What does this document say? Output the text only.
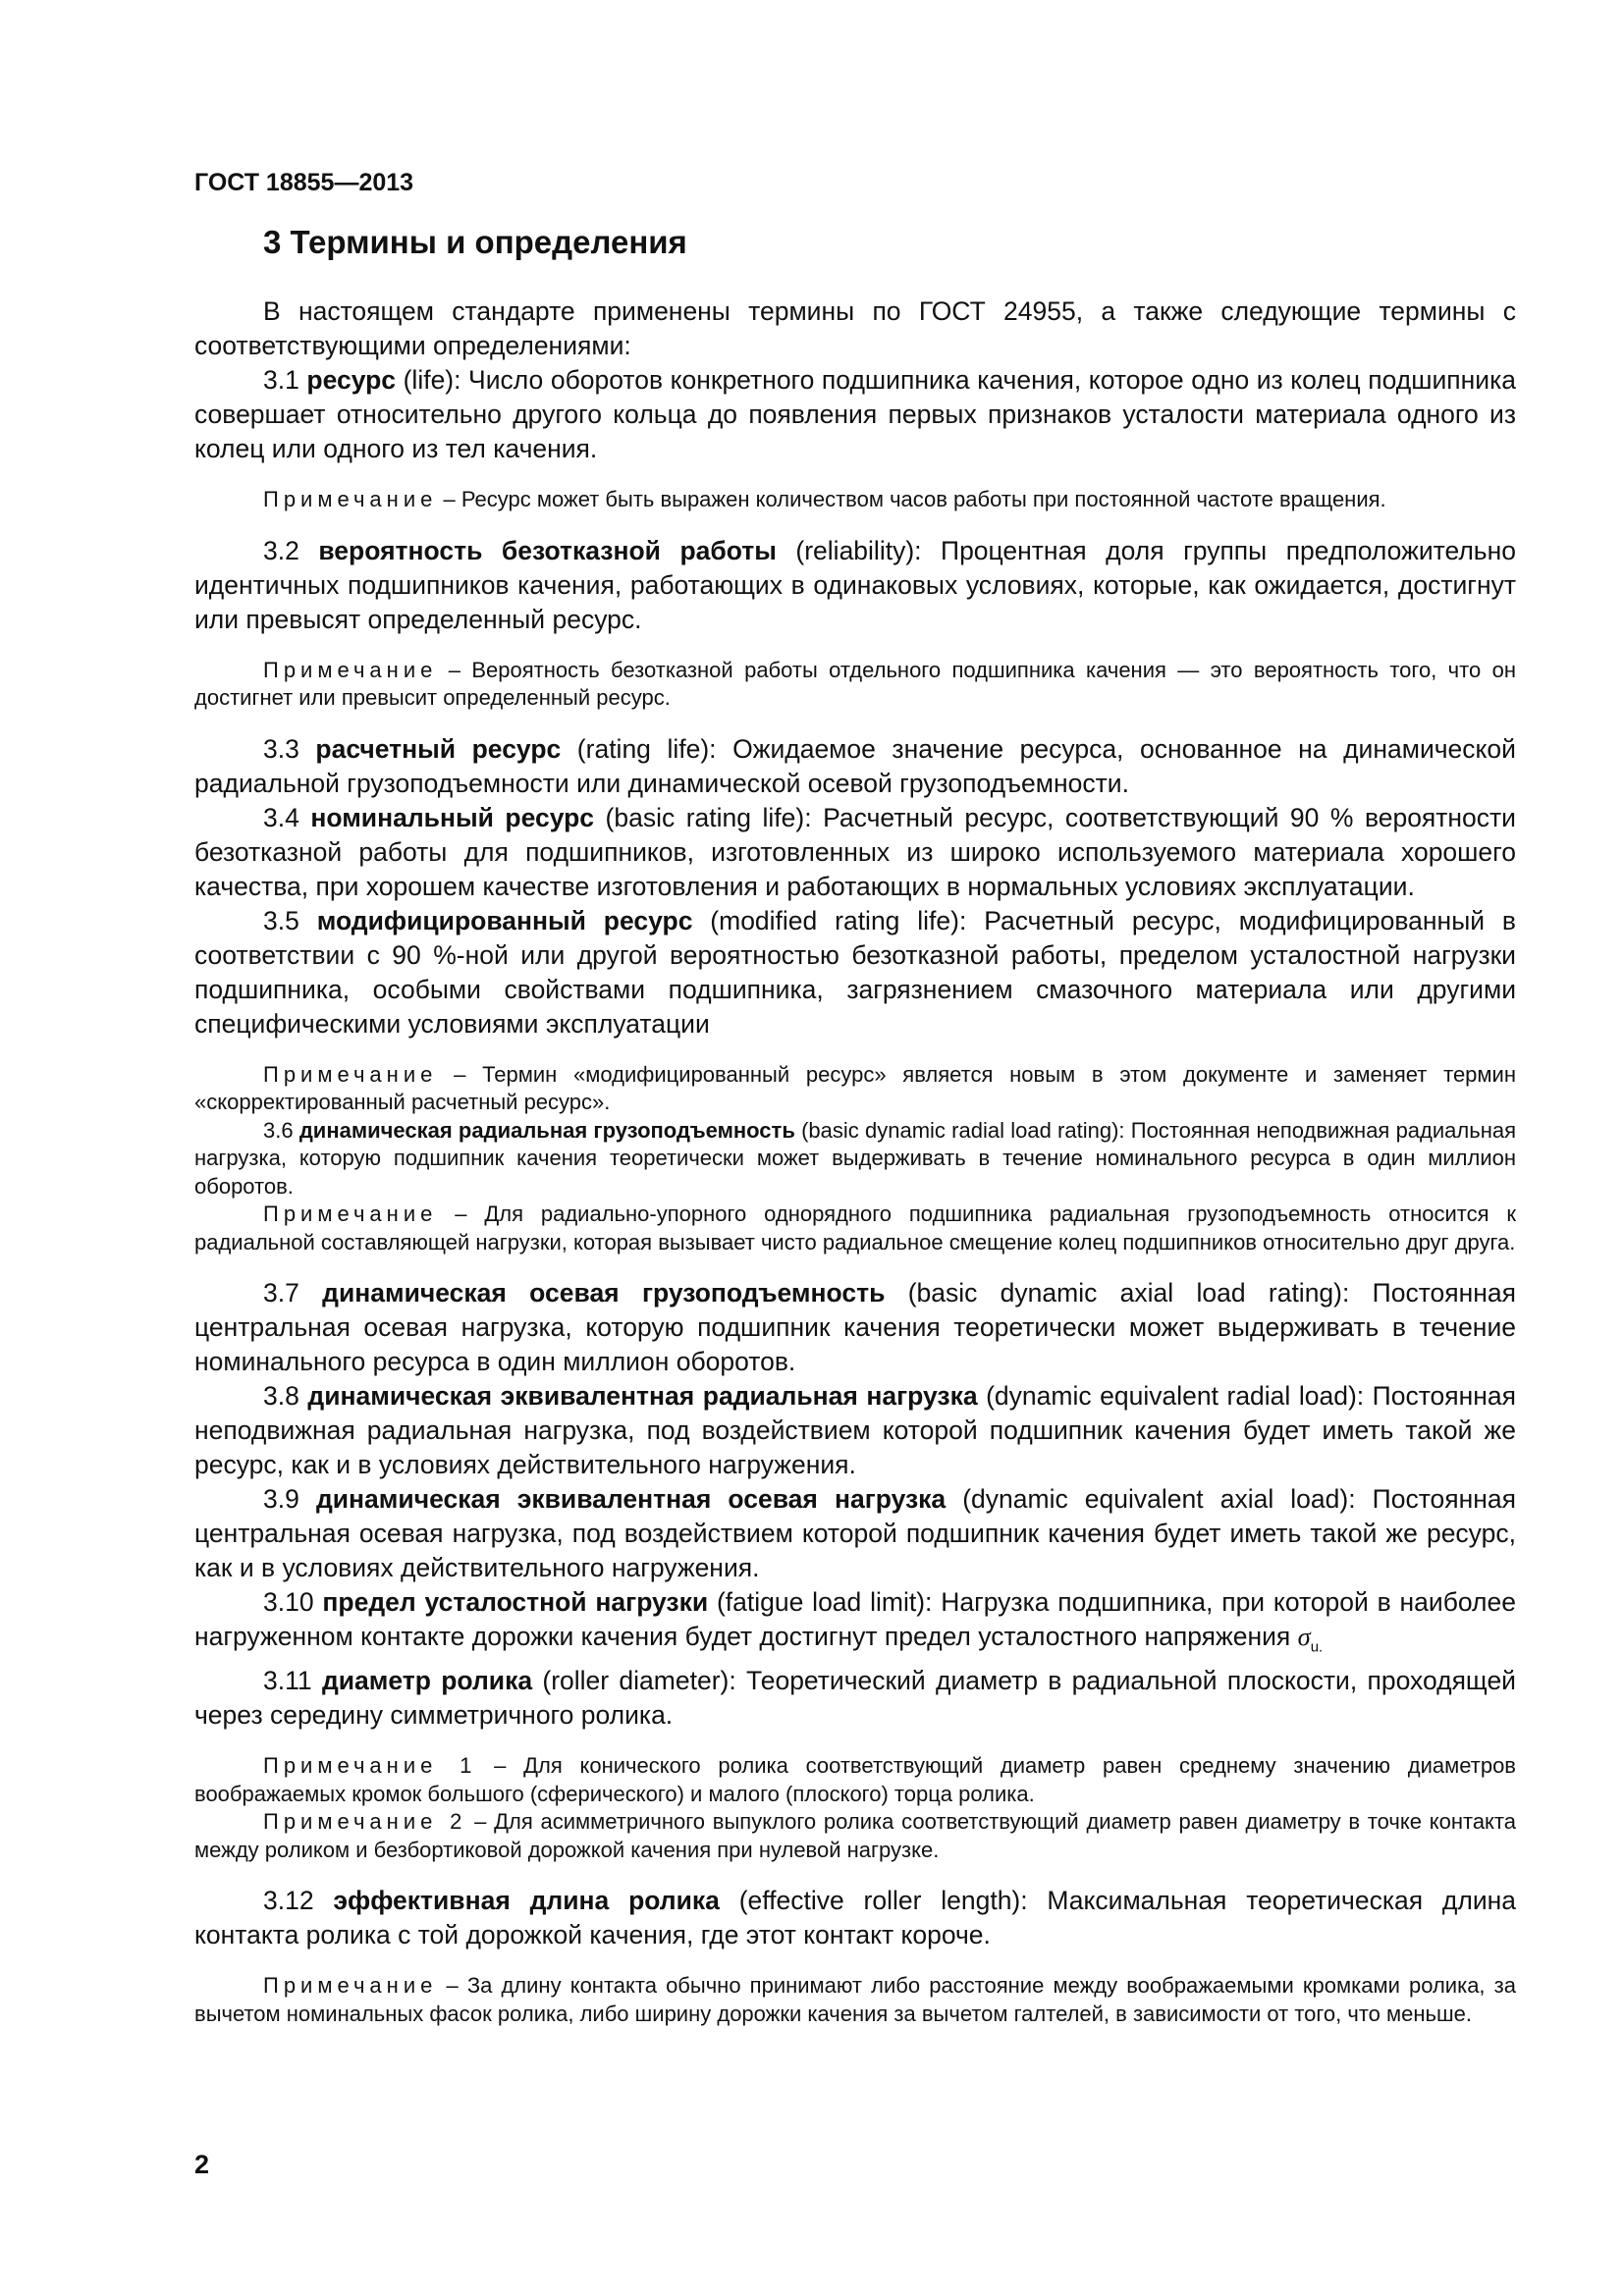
ГОСТ 18855—2013
3 Термины и определения

В настоящем стандарте применены термины по ГОСТ 24955, а также следующие термины с соответствующими определениями:

3.1 ресурс (life): Число оборотов конкретного подшипника качения, которое одно из колец подшипника совершает относительно другого кольца до появления первых признаков усталости материала одного из колец или одного из тел качения.

Примечание – Ресурс может быть выражен количеством часов работы при постоянной частоте вращения.

3.2 вероятность безотказной работы (reliability): Процентная доля группы предположительно идентичных подшипников качения, работающих в одинаковых условиях, которые, как ожидается, достигнут или превысят определенный ресурс.

Примечание – Вероятность безотказной работы отдельного подшипника качения — это вероятность того, что он достигнет или превысит определенный ресурс.

3.3 расчетный ресурс (rating life): Ожидаемое значение ресурса, основанное на динамической радиальной грузоподъемности или динамической осевой грузоподъемности.

3.4 номинальный ресурс (basic rating life): Расчетный ресурс, соответствующий 90 % вероятности безотказной работы для подшипников, изготовленных из широко используемого материала хорошего качества, при хорошем качестве изготовления и работающих в нормальных условиях эксплуатации.

3.5 модифицированный ресурс (modified rating life): Расчетный ресурс, модифицированный в соответствии с 90 %-ной или другой вероятностью безотказной работы, пределом усталостной нагрузки подшипника, особыми свойствами подшипника, загрязнением смазочного материала или другими специфическими условиями эксплуатации

Примечание – Термин «модифицированный ресурс» является новым в этом документе и заменяет термин «скорректированный расчетный ресурс».

3.6 динамическая радиальная грузоподъемность (basic dynamic radial load rating): Постоянная неподвижная радиальная нагрузка, которую подшипник качения теоретически может выдерживать в течение номинального ресурса в один миллион оборотов.

Примечание – Для радиально-упорного однорядного подшипника радиальная грузоподъемность относится к радиальной составляющей нагрузки, которая вызывает чисто радиальное смещение колец подшипников относительно друг друга.

3.7 динамическая осевая грузоподъемность (basic dynamic axial load rating): Постоянная центральная осевая нагрузка, которую подшипник качения теоретически может выдерживать в течение номинального ресурса в один миллион оборотов.

3.8 динамическая эквивалентная радиальная нагрузка (dynamic equivalent radial load): Постоянная неподвижная радиальная нагрузка, под воздействием которой подшипник качения будет иметь такой же ресурс, как и в условиях действительного нагружения.

3.9 динамическая эквивалентная осевая нагрузка (dynamic equivalent axial load): Постоянная центральная осевая нагрузка, под воздействием которой подшипник качения будет иметь такой же ресурс, как и в условиях действительного нагружения.

3.10 предел усталостной нагрузки (fatigue load limit): Нагрузка подшипника, при которой в наиболее нагруженном контакте дорожки качения будет достигнут предел усталостного напряжения $\sigma_{u.}$

3.11 диаметр ролика (roller diameter): Теоретический диаметр в радиальной плоскости, проходящей через середину симметричного ролика.

Примечание 1 – Для конического ролика соответствующий диаметр равен среднему значению диаметров воображаемых кромок большого (сферического) и малого (плоского) торца ролика.

Примечание 2 – Для асимметричного выпуклого ролика соответствующий диаметр равен диаметру в точке контакта между роликом и безбортиковой дорожкой качения при нулевой нагрузке.

3.12 эффективная длина ролика (effective roller length): Максимальная теоретическая длина контакта ролика с той дорожкой качения, где этот контакт короче.

Примечание – За длину контакта обычно принимают либо расстояние между воображаемыми кромками ролика, за вычетом номинальных фасок ролика, либо ширину дорожки качения за вычетом галтелей, в зависимости от того, что меньше.

2
